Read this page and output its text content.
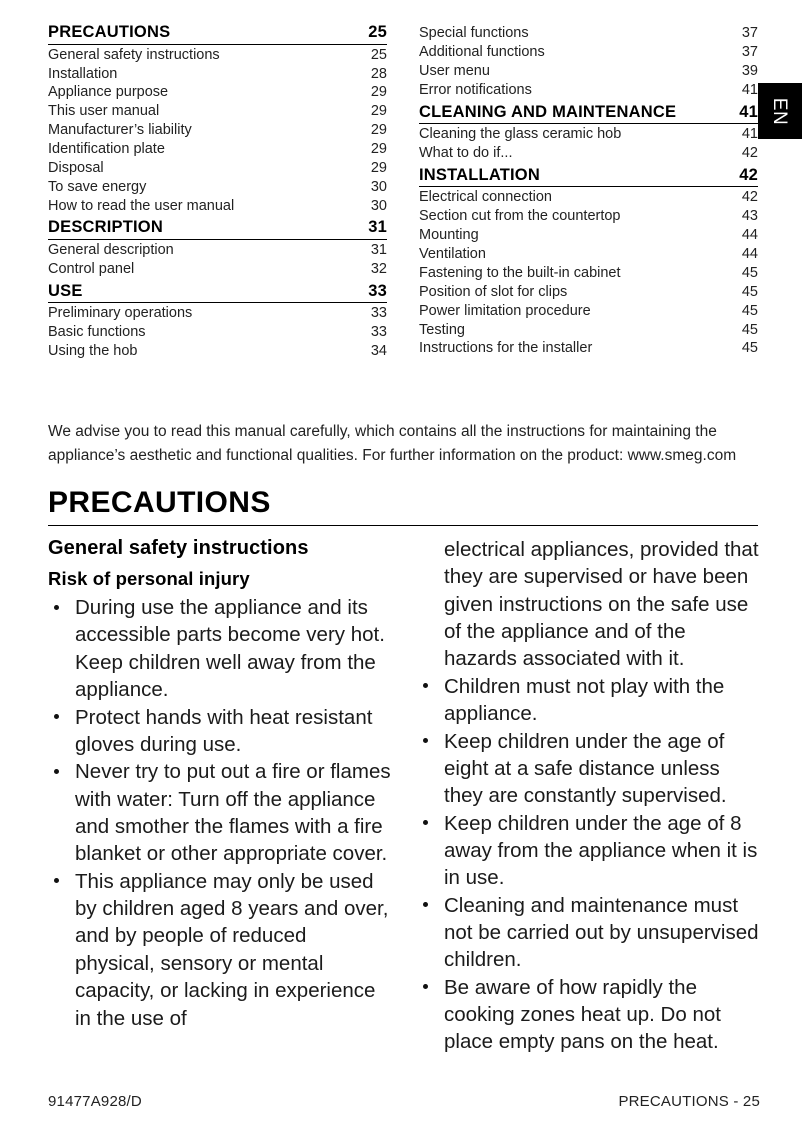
EN
PRECAUTIONS	25
General safety instructions	25
Installation	28
Appliance purpose	29
This user manual	29
Manufacturer’s liability	29
Identification plate	29
Disposal	29
To save energy	30
How to read the user manual	30
DESCRIPTION	31
General description	31
Control panel	32
USE	33
Preliminary operations	33
Basic functions	33
Using the hob	34
Special functions	37
Additional functions	37
User menu	39
Error notifications	41
CLEANING AND MAINTENANCE	41
Cleaning the glass ceramic hob	41
What to do if...	42
INSTALLATION	42
Electrical connection	42
Section cut from the countertop	43
Mounting	44
Ventilation	44
Fastening to the built-in cabinet	45
Position of slot for clips	45
Power limitation procedure	45
Testing	45
Instructions for the installer	45
We advise you to read this manual carefully, which contains all the instructions for maintaining the appliance’s aesthetic and functional qualities. For further information on the product: www.smeg.com
PRECAUTIONS
General safety instructions
Risk of personal injury
During use the appliance and its accessible parts become very hot. Keep children well away from the appliance.
Protect hands with heat resistant gloves during use.
Never try to put out a fire or flames with water: Turn off the appliance and smother the flames with a fire blanket or other appropriate cover.
This appliance may only be used by children aged 8 years and over, and by people of reduced physical, sensory or mental capacity, or lacking in experience in the use of

electrical appliances, provided that they are supervised or have been given instructions on the safe use of the appliance and of the hazards associated with it.

Children must not play with the appliance.
Keep children under the age of eight at a safe distance unless they are constantly supervised.
Keep children under the age of 8 away from the appliance when it is in use.
Cleaning and maintenance must not be carried out by unsupervised children.
Be aware of how rapidly the cooking zones heat up. Do not place empty pans on the heat.
91477A928/D	PRECAUTIONS - 25
